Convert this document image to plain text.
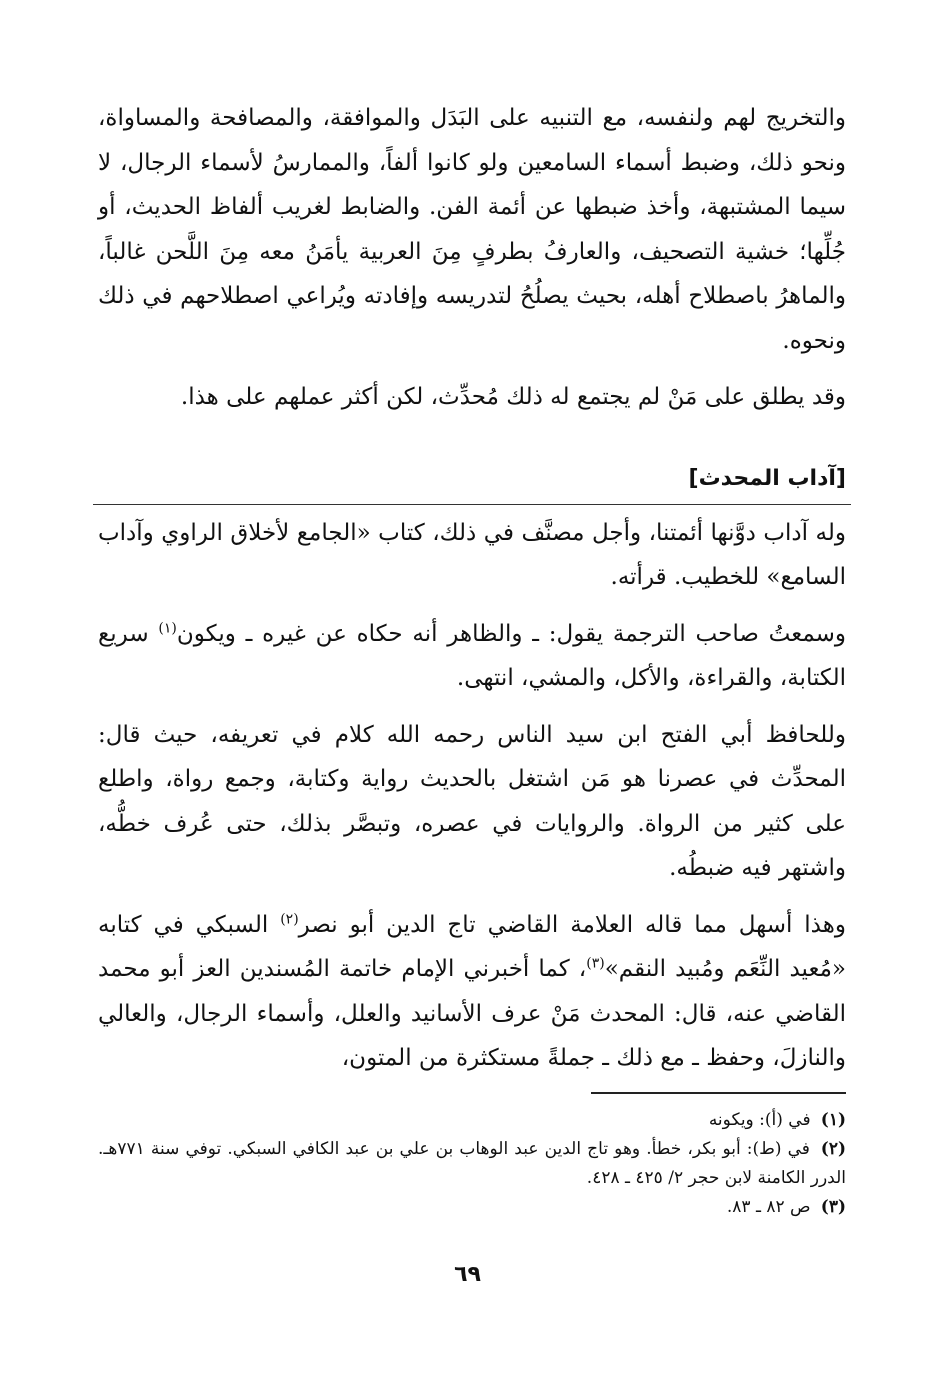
والتخريج لهم ولنفسه، مع التنبيه على البَدَل والموافقة، والمصافحة والمساواة، ونحو ذلك، وضبط أسماء السامعين ولو كانوا ألفاً، والممارسُ لأسماء الرجال، لا سيما المشتبهة، وأخذ ضبطها عن أئمة الفن. والضابط لغريب ألفاظ الحديث، أو جُلِّها؛ خشية التصحيف، والعارفُ بطرفٍ مِنَ العربية يأمَنُ معه مِنَ اللَّحن غالباً، والماهرُ باصطلاح أهله، بحيث يصلُحُ لتدريسه وإفادته ويُراعي اصطلاحهم في ذلك ونحوه.

وقد يطلق على مَنْ لم يجتمع له ذلك مُحدِّث، لكن أكثر عملهم على هذا.

[آداب المحدث]

وله آداب دوَّنها أئمتنا، وأجل مصنَّف في ذلك، كتاب «الجامع لأخلاق الراوي وآداب السامع» للخطيب. قرأته.

وسمعتُ صاحب الترجمة يقول: ـ والظاهر أنه حكاه عن غيره ـ ويكون$^{(١)}$ سريع الكتابة، والقراءة، والأكل، والمشي، انتهى.

وللحافظ أبي الفتح ابن سيد الناس رحمه الله كلام في تعريفه، حيث قال: المحدِّث في عصرنا هو مَن اشتغل بالحديث رواية وكتابة، وجمع رواة، واطلع على كثير من الرواة. والروايات في عصره، وتبصَّر بذلك، حتى عُرف خطُّه، واشتهر فيه ضبطُه.

وهذا أسهل مما قاله العلامة القاضي تاج الدين أبو نصر$^{(٢)}$ السبكي في كتابه «مُعيد النِّعَم ومُبيد النقم»$^{(٣)}$، كما أخبرني الإمام خاتمة المُسندين العز أبو محمد القاضي عنه، قال: المحدث مَنْ عرف الأسانيد والعلل، وأسماء الرجال، والعالي والنازلَ، وحفظ ـ مع ذلك ـ جملةً مستكثرة من المتون،

(١) في (أ): ويكونه

(٢) في (ط): أبو بكر، خطأ. وهو تاج الدين عبد الوهاب بن علي بن عبد الكافي السبكي. توفي سنة ٧٧١هـ. الدرر الكامنة لابن حجر ٢/ ٤٢٥ ـ ٤٢٨.

(٣) ص ٨٢ ـ ٨٣.

٦٩
